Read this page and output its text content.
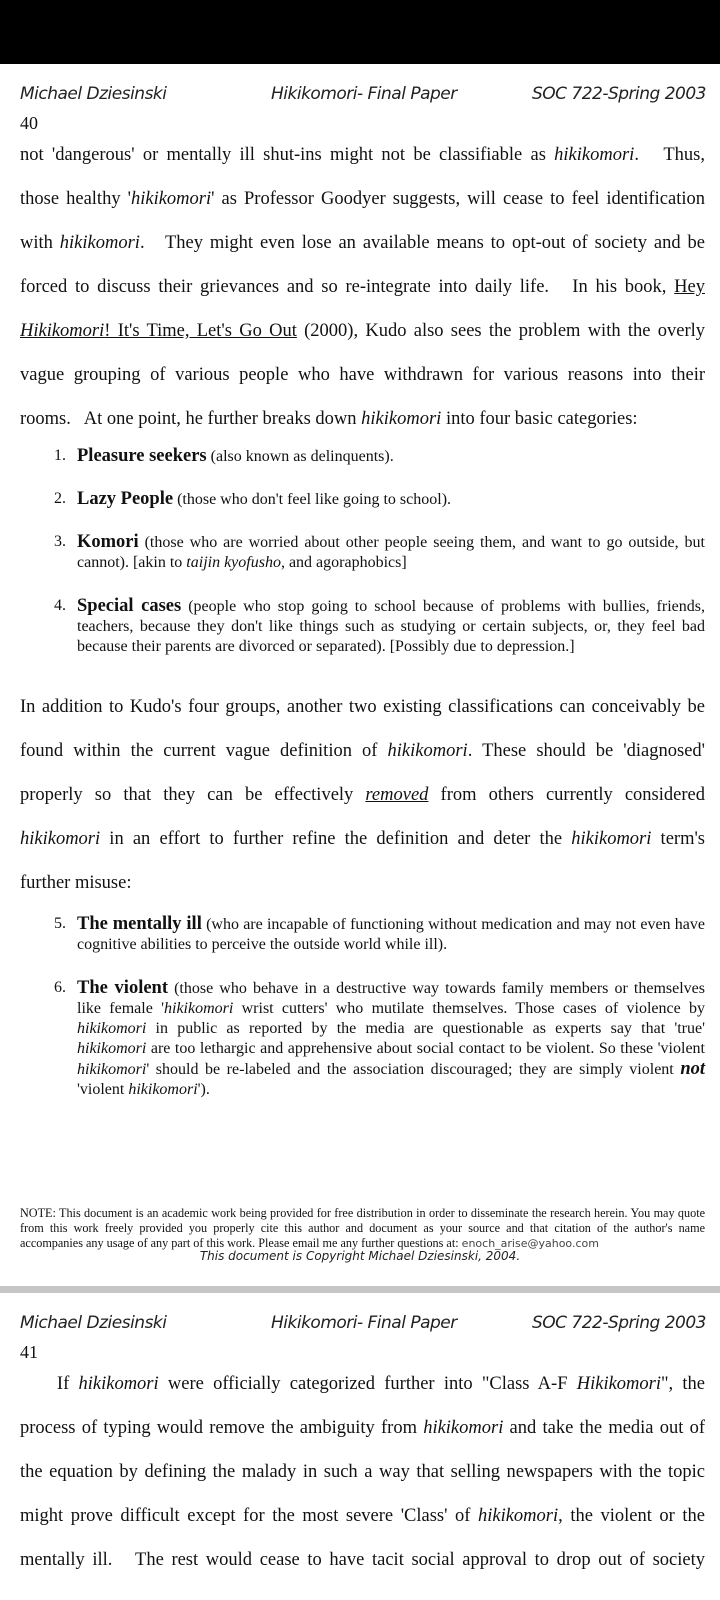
Michael Dziesinski	Hikikomori- Final Paper	SOC 722-Spring 2003
40
not 'dangerous' or mentally ill shut-ins might not be classifiable as hikikomori.   Thus,
those healthy 'hikikomori' as Professor Goodyer suggests, will cease to feel identification
with hikikomori.   They might even lose an available means to opt-out of society and be
forced to discuss their grievances and so re-integrate into daily life.   In his book, Hey
Hikikomori! It's Time, Let's Go Out (2000), Kudo also sees the problem with the overly
vague grouping of various people who have withdrawn for various reasons into their
rooms.   At one point, he further breaks down hikikomori into four basic categories:
1. Pleasure seekers (also known as delinquents).
2. Lazy People (those who don't feel like going to school).
3. Komori (those who are worried about other people seeing them, and want to go outside, but cannot). [akin to taijin kyofusho, and agoraphobics]
4. Special cases (people who stop going to school because of problems with bullies, friends, teachers, because they don't like things such as studying or certain subjects, or, they feel bad because their parents are divorced or separated). [Possibly due to depression.]
In addition to Kudo's four groups, another two existing classifications can conceivably be
found within the current vague definition of hikikomori. These should be 'diagnosed'
properly so that they can be effectively removed from others currently considered
hikikomori in an effort to further refine the definition and deter the hikikomori term's
further misuse:
5. The mentally ill (who are incapable of functioning without medication and may not even have cognitive abilities to perceive the outside world while ill).
6. The violent (those who behave in a destructive way towards family members or themselves like female 'hikikomori wrist cutters' who mutilate themselves. Those cases of violence by hikikomori in public as reported by the media are questionable as experts say that 'true' hikikomori are too lethargic and apprehensive about social contact to be violent. So these 'violent hikikomori' should be re-labeled and the association discouraged; they are simply violent not 'violent hikikomori').
NOTE: This document is an academic work being provided for free distribution in order to disseminate the research herein. You may quote from this work freely provided you properly cite this author and document as your source and that citation of the author's name accompanies any usage of any part of this work. Please email me any further questions at: enoch_arise@yahoo.com
This document is Copyright Michael Dziesinski, 2004.
Michael Dziesinski	Hikikomori- Final Paper	SOC 722-Spring 2003
41
If hikikomori were officially categorized further into "Class A-F Hikikomori", the
process of typing would remove the ambiguity from hikikomori and take the media out of
the equation by defining the malady in such a way that selling newspapers with the topic
might prove difficult except for the most severe 'Class' of hikikomori, the violent or the
mentally ill.   The rest would cease to have tacit social approval to drop out of society
